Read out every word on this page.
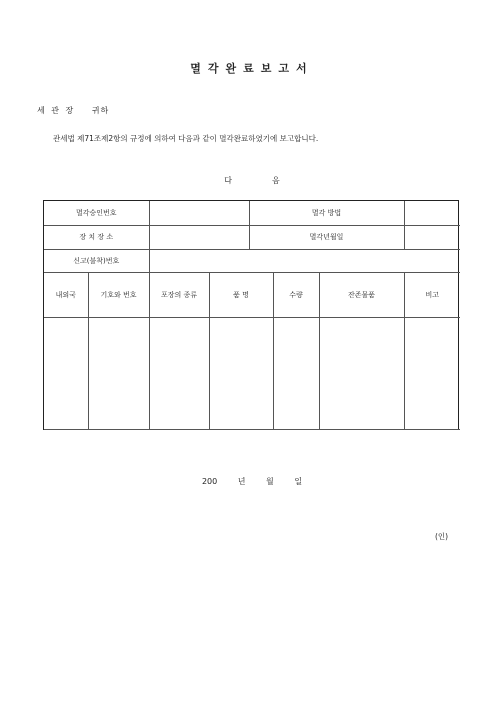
멸각완료보고서
세 관 장 귀하
관세법 제71조제2항의 규정에 의하여 다음과 같이 멸각완료하였기에 보고합니다.
다	음
멸각승인번호				멸각 방법			
장 치 장 소				멸각년월일			
신고(불착)번호							
내외국	기호와 번호	포장의 종류	품 명		수량	잔존물품	비고

200	년	월	일
(인)
